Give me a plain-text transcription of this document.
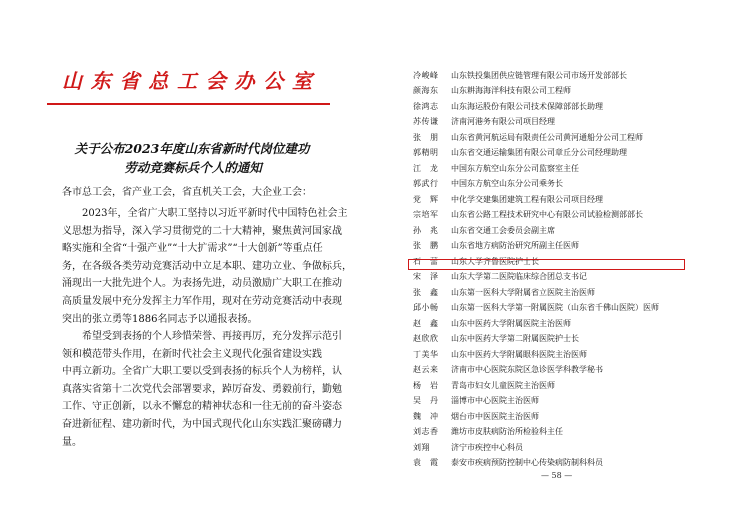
山 东 省 总 工 会 办 公 室
关于公布2023年度山东省新时代岗位建功
劳动竞赛标兵个人的通知
各市总工会，省产业工会，省直机关工会，大企业工会：
　　2023年，全省广大职工坚持以习近平新时代中国特色社会主
义思想为指导，深入学习贯彻党的二十大精神，聚焦黄河国家战
略实施和全省“十强产业”“十大扩需求”“十大创新”等重点任
务，在各级各类劳动竞赛活动中立足本职、建功立业、争做标兵，
涌现出一大批先进个人。为表扬先进，动员激励广大职工在推动
高质量发展中充分发挥主力军作用，现对在劳动竞赛活动中表现
突出的张立勇等1886名同志予以通报表扬。
　　希望受到表扬的个人珍惜荣誉、再接再厉，充分发挥示范引
领和模范带头作用，在新时代社会主义现代化强省建设实践
中再立新功。全省广大职工要以受到表扬的标兵个人为榜样，认
真落实省第十二次党代会部署要求，踔厉奋发、勇毅前行，勤勉
工作、守正创新，以永不懈怠的精神状态和一往无前的奋斗姿态
奋进新征程、建功新时代，为中国式现代化山东实践汇聚磅礴力
量。
冷峻峰	山东铁投集团供应链管理有限公司市场开发部部长
颜海东	山东耕海海洋科技有限公司工程师
徐鸿志	山东海运股份有限公司技术保障部部长助理
苏传谦	济南河港务有限公司项目经理
张　朋	山东省黄河航运局有限责任公司黄河通船分公司工程师
郭精明	山东省交通运输集团有限公司章丘分公司经理助理
江　龙	中国东方航空山东分公司监察室主任
郭武行	中国东方航空山东分公司乘务长
党　辉	中化学交建集团建筑工程有限公司项目经理
宗培军	山东省公路工程技术研究中心有限公司试验检测部部长
孙　兆	山东省交通工会委员会副主席
张　鹏	山东省地方病防治研究所副主任医师
石　蕾	山东大学齐鲁医院护士长
宋　泽	山东大学第二医院临床综合团总支书记
张　鑫	山东第一医科大学附属省立医院主治医师
邱小畅	山东第一医科大学第一附属医院（山东省千佛山医院）医师
赵　鑫	山东中医药大学附属医院主治医师
赵欣欣	山东中医药大学第二附属医院护士长
丁美华	山东中医药大学附属眼科医院主治医师
赵云来	济南市中心医院东院区急诊医学科教学秘书
杨　岩	青岛市妇女儿童医院主治医师
吴　丹	淄博市中心医院主治医师
魏　冲	烟台市中医医院主治医师
刘志香	潍坊市皮肤病防治所检验科主任
刘翔	济宁市疾控中心科员
袁　霞	泰安市疾病预防控制中心传染病防制科科员
— 58 —
